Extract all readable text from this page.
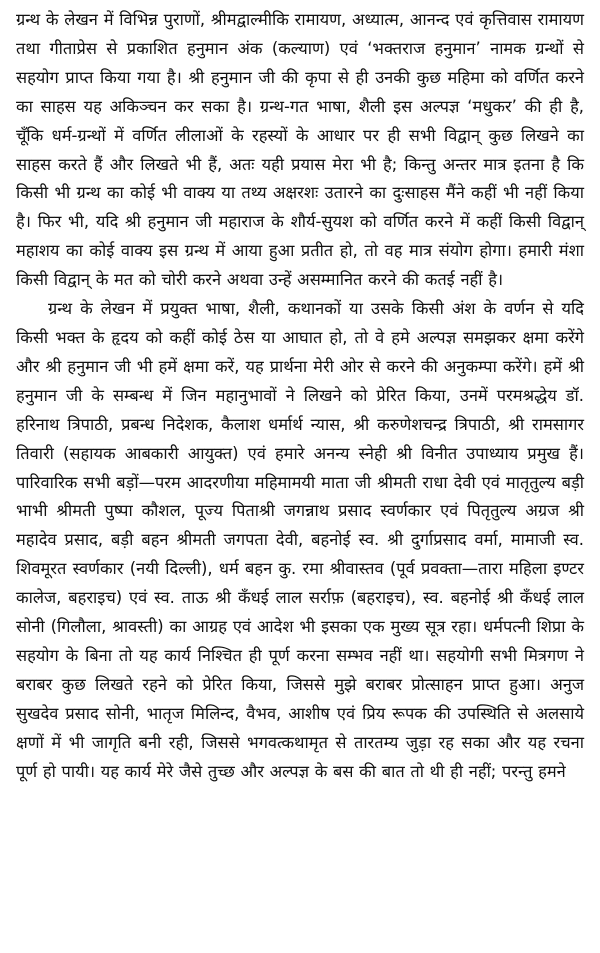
ग्रन्थ के लेखन में विभिन्न पुराणों, श्रीमद्वाल्मीकि रामायण, अध्यात्म, आनन्द एवं कृत्तिवास रामायण तथा गीताप्रेस से प्रकाशित हनुमान अंक (कल्याण) एवं ‘भक्तराज हनुमान’ नामक ग्रन्थों से सहयोग प्राप्त किया गया है। श्री हनुमान जी की कृपा से ही उनकी कुछ महिमा को वर्णित करने का साहस यह अकिञ्चन कर सका है। ग्रन्थ-गत भाषा, शैली इस अल्पज्ञ ‘मधुकर’ की ही है, चूँकि धर्म-ग्रन्थों में वर्णित लीलाओं के रहस्यों के आधार पर ही सभी विद्वान् कुछ लिखने का साहस करते हैं और लिखते भी हैं, अतः यही प्रयास मेरा भी है; किन्तु अन्तर मात्र इतना है कि किसी भी ग्रन्थ का कोई भी वाक्य या तथ्य अक्षरशः उतारने का दुःसाहस मैंने कहीं भी नहीं किया है। फिर भी, यदि श्री हनुमान जी महाराज के शौर्य-सुयश को वर्णित करने में कहीं किसी विद्वान् महाशय का कोई वाक्य इस ग्रन्थ में आया हुआ प्रतीत हो, तो वह मात्र संयोग होगा। हमारी मंशा किसी विद्वान् के मत को चोरी करने अथवा उन्हें असम्मानित करने की कतई नहीं है।

ग्रन्थ के लेखन में प्रयुक्त भाषा, शैली, कथानकों या उसके किसी अंश के वर्णन से यदि किसी भक्त के हृदय को कहीं कोई ठेस या आघात हो, तो वे हमे अल्पज्ञ समझकर क्षमा करेंगे और श्री हनुमान जी भी हमें क्षमा करें, यह प्रार्थना मेरी ओर से करने की अनुकम्पा करेंगे। हमें श्री हनुमान जी के सम्बन्ध में जिन महानुभावों ने लिखने को प्रेरित किया, उनमें परमश्रद्धेय डॉ. हरिनाथ त्रिपाठी, प्रबन्ध निदेशक, कैलाश धर्मार्थ न्यास, श्री करुणेशचन्द्र त्रिपाठी, श्री रामसागर तिवारी (सहायक आबकारी आयुक्त) एवं हमारे अनन्य स्नेही श्री विनीत उपाध्याय प्रमुख हैं। पारिवारिक सभी बड़ों—परम आदरणीया महिमामयी माता जी श्रीमती राधा देवी एवं मातृतुल्य बड़ी भाभी श्रीमती पुष्पा कौशल, पूज्य पिताश्री जगन्नाथ प्रसाद स्वर्णकार एवं पितृतुल्य अग्रज श्री महादेव प्रसाद, बड़ी बहन श्रीमती जगपता देवी, बहनोई स्व. श्री दुर्गाप्रसाद वर्मा, मामाजी स्व. शिवमूरत स्वर्णकार (नयी दिल्ली), धर्म बहन कु. रमा श्रीवास्तव (पूर्व प्रवक्ता—तारा महिला इण्टर कालेज, बहराइच) एवं स्व. ताऊ श्री कँधई लाल सर्राफ़ (बहराइच), स्व. बहनोई श्री कँधई लाल सोनी (गिलौला, श्रावस्ती) का आग्रह एवं आदेश भी इसका एक मुख्य सूत्र रहा। धर्मपत्नी शिप्रा के सहयोग के बिना तो यह कार्य निश्चित ही पूर्ण करना सम्भव नहीं था। सहयोगी सभी मित्रगण ने बराबर कुछ लिखते रहने को प्रेरित किया, जिससे मुझे बराबर प्रोत्साहन प्राप्त हुआ। अनुज सुखदेव प्रसाद सोनी, भातृज मिलिन्द, वैभव, आशीष एवं प्रिय रूपक की उपस्थिति से अलसाये क्षणों में भी जागृति बनी रही, जिससे भगवत्कथामृत से तारतम्य जुड़ा रह सका और यह रचना पूर्ण हो पायी। यह कार्य मेरे जैसे तुच्छ और अल्पज्ञ के बस की बात तो थी ही नहीं; परन्तु हमने
